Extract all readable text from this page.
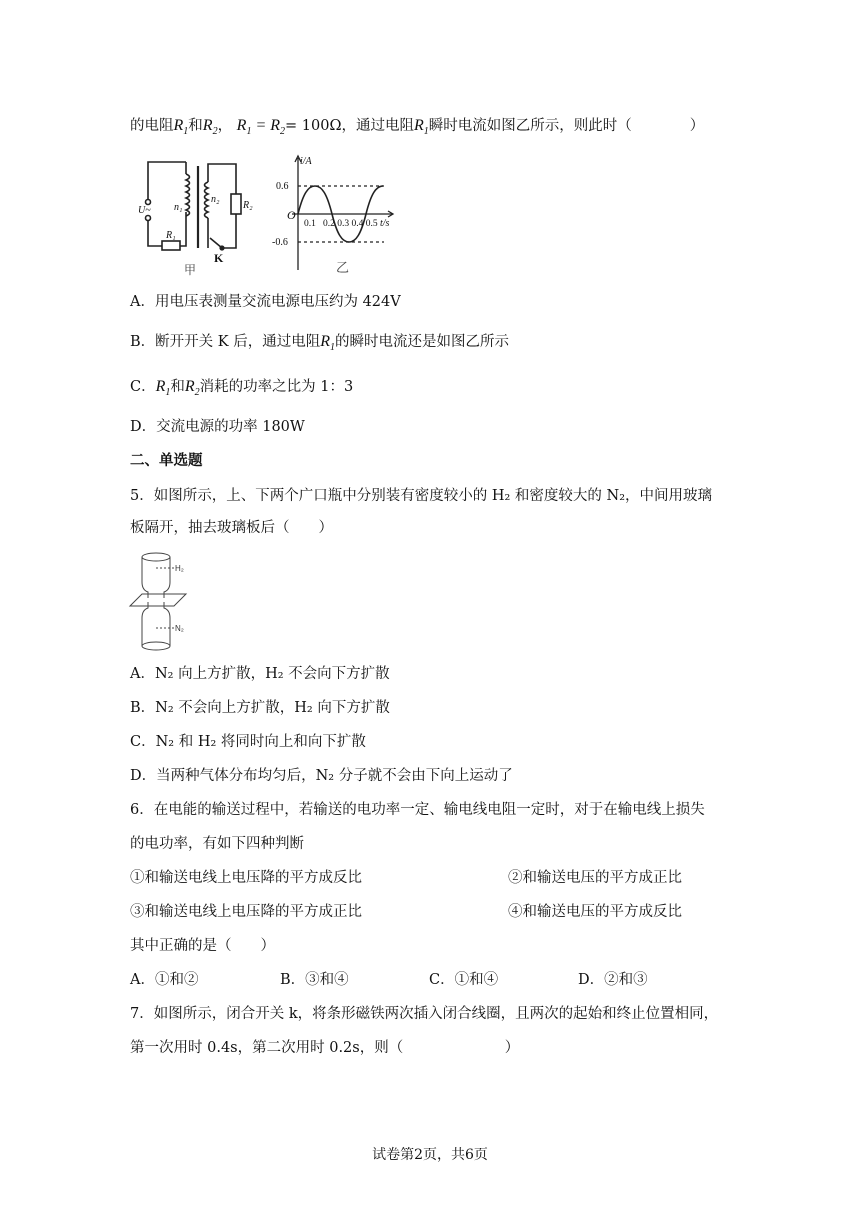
的电阻$R_1$和$R_2$， $R_1 = R_2= 100\Omega$，通过电阻$R_1$瞬时电流如图乙所示，则此时（　　　　）
U~ n₁
n₂
R₁
R₂
K
甲
i/A
t/s
O
0.6
-0.6
0.1   0.2 0.3 0.4 0.5
乙
A．用电压表测量交流电源电压约为 424V
B．断开开关 K 后，通过电阻$R_1$的瞬时电流还是如图乙所示
C．$R_1$和$R_2$消耗的功率之比为 1：3
D．交流电源的功率 180W
二、单选题
5．如图所示，上、下两个广口瓶中分别装有密度较小的 H₂ 和密度较大的 N₂，中间用玻璃
板隔开，抽去玻璃板后（　　）
H₂
N₂
A．N₂ 向上方扩散，H₂ 不会向下方扩散
B．N₂ 不会向上方扩散，H₂ 向下方扩散
C．N₂ 和 H₂ 将同时向上和向下扩散
D．当两种气体分布均匀后，N₂ 分子就不会由下向上运动了
6．在电能的输送过程中，若输送的电功率一定、输电线电阻一定时，对于在输电线上损失
的电功率，有如下四种判断
①和输送电线上电压降的平方成反比	②和输送电压的平方成正比
③和输送电线上电压降的平方成正比	④和输送电压的平方成反比
其中正确的是（　　）
A．①和②	B．③和④	C．①和④	D．②和③
7．如图所示，闭合开关 k，将条形磁铁两次插入闭合线圈，且两次的起始和终止位置相同，
第一次用时 0.4s，第二次用时 0.2s，则（　　　　　　　）
试卷第2页，共6页
